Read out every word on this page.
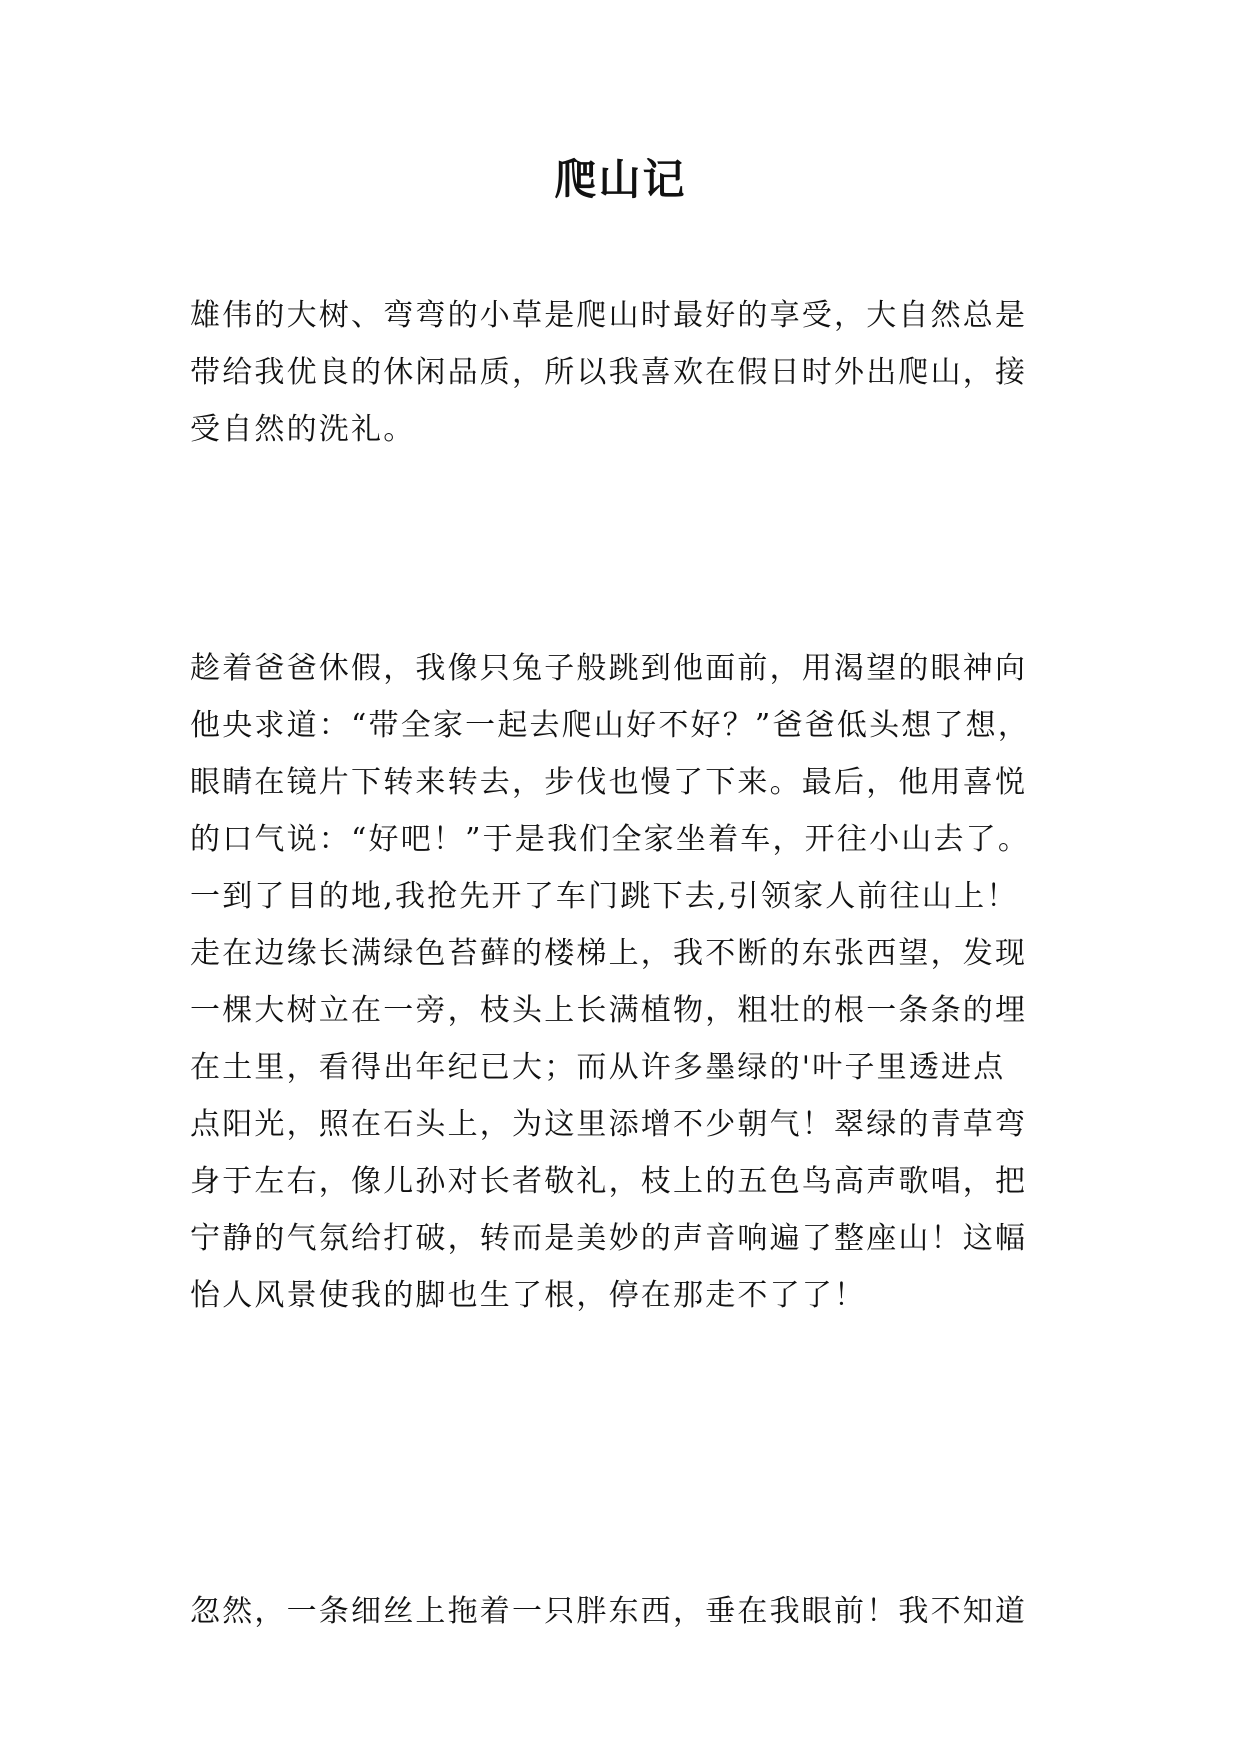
爬山记
雄伟的大树、弯弯的小草是爬山时最好的享受，大自然总是
带给我优良的休闲品质，所以我喜欢在假日时外出爬山，接
受自然的洗礼。
趁着爸爸休假，我像只兔子般跳到他面前，用渴望的眼神向
他央求道：“带全家一起去爬山好不好？”爸爸低头想了想，
眼睛在镜片下转来转去，步伐也慢了下来。最后，他用喜悦
的口气说：“好吧！”于是我们全家坐着车，开往小山去了。
一到了目的地,我抢先开了车门跳下去,引领家人前往山上！
走在边缘长满绿色苔藓的楼梯上，我不断的东张西望，发现
一棵大树立在一旁，枝头上长满植物，粗壮的根一条条的埋
在土里，看得出年纪已大；而从许多墨绿的'叶子里透进点
点阳光，照在石头上，为这里添增不少朝气！翠绿的青草弯
身于左右，像儿孙对长者敬礼，枝上的五色鸟高声歌唱，把
宁静的气氛给打破，转而是美妙的声音响遍了整座山！这幅
怡人风景使我的脚也生了根，停在那走不了了！
忽然，一条细丝上拖着一只胖东西，垂在我眼前！我不知道
